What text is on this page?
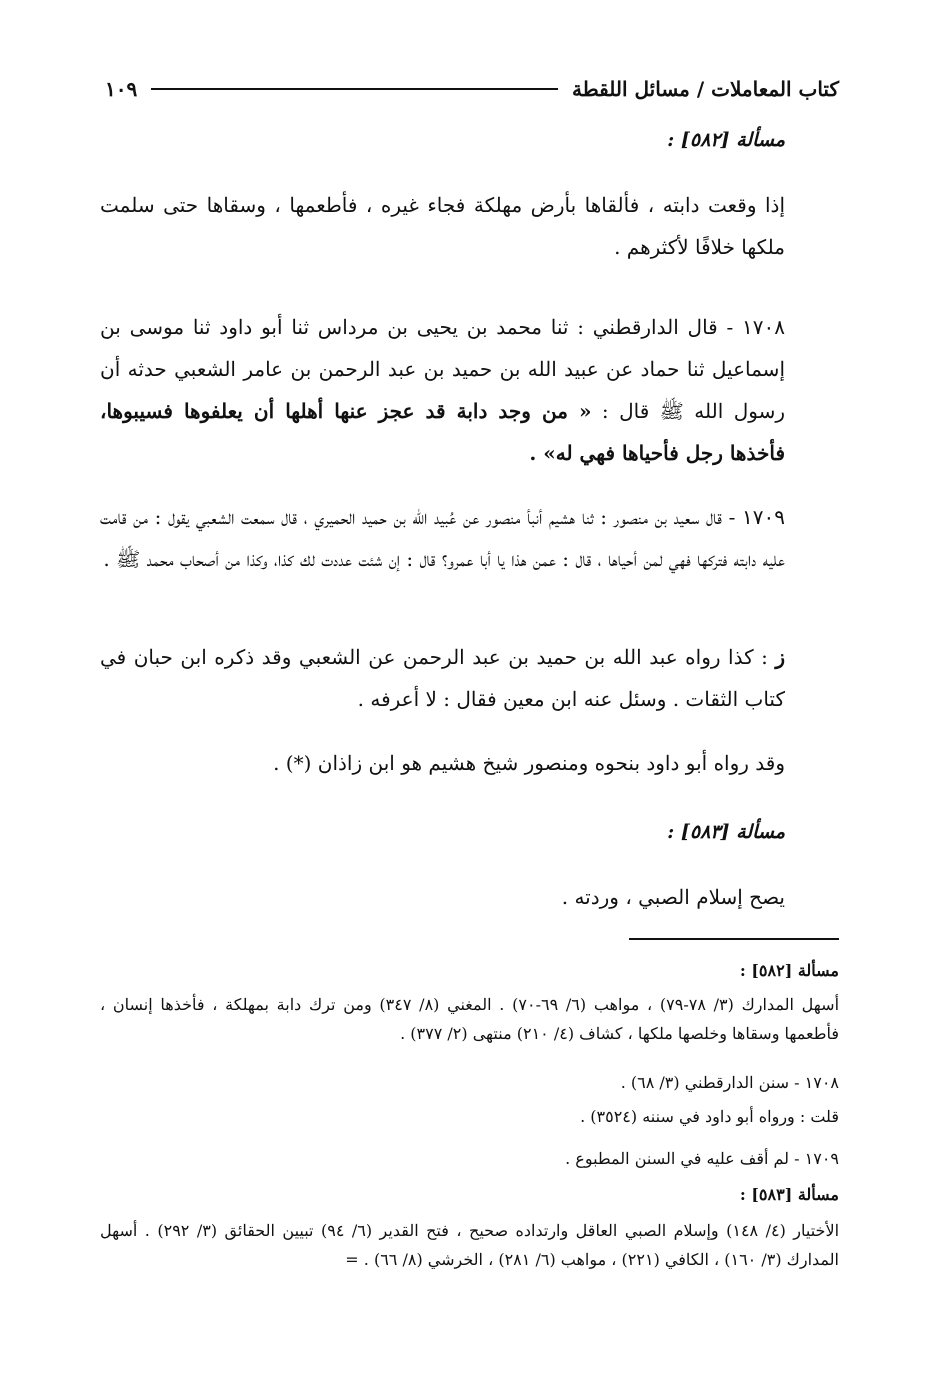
كتاب المعاملات / مسائل اللقطة
١٠٩

مسألة [٥٨٢] :

إذا وقعت دابته ، فألقاها بأرض مهلكة فجاء غيره ، فأطعمها ، وسقاها حتى سلمت ملكها خلافًا لأكثرهم .

١٧٠٨ - قال الدارقطني : ثنا محمد بن يحيى بن مرداس ثنا أبو داود ثنا موسى بن إسماعيل ثنا حماد عن عبيد الله بن حميد بن عبد الرحمن بن عامر الشعبي حدثه أن رسول الله ﷺ قال : « من وجد دابة قد عجز عنها أهلها أن يعلفوها فسيبوها، فأخذها رجل فأحياها فهي له» .

١٧٠٩ - قال سعيد بن منصور : ثنا هشيم أنبأ منصور عن عُبيد الله بن حميد الحميري ، قال سمعت الشعبي يقول : من قامت عليه دابته فتركها فهي لمن أحياها ، قال : عمن هذا يا أبا عمرو؟ قال : إن شئت عددت لك كذا، وكذا من أصحاب محمد ﷺ .

ز : كذا رواه عبد الله بن حميد بن عبد الرحمن عن الشعبي وقد ذكره ابن حبان في كتاب الثقات . وسئل عنه ابن معين فقال : لا أعرفه .

وقد رواه أبو داود بنحوه ومنصور شيخ هشيم هو ابن زاذان (*) .

مسألة [٥٨٣] :

يصح إسلام الصبي ، وردته .

مسألة [٥٨٢] :

أسهل المدارك (٣/ ٧٨-٧٩) ، مواهب (٦/ ٦٩-٧٠) . المغني (٨/ ٣٤٧) ومن ترك دابة بمهلكة ، فأخذها إنسان ، فأطعمها وسقاها وخلصها ملكها ، كشاف (٤/ ٢١٠) منتهى (٢/ ٣٧٧) .

١٧٠٨ - سنن الدارقطني (٣/ ٦٨) .

قلت : ورواه أبو داود في سننه (٣٥٢٤) .

١٧٠٩ - لم أقف عليه في السنن المطبوع .

مسألة [٥٨٣] :

الأختيار (٤/ ١٤٨) وإسلام الصبي العاقل وارتداده صحيح ، فتح القدير (٦/ ٩٤) تبيين الحقائق (٣/ ٢٩٢) . أسهل المدارك (٣/ ١٦٠) ، الكافي (٢٢١) ، مواهب (٦/ ٢٨١) ، الخرشي (٨/ ٦٦) . =
